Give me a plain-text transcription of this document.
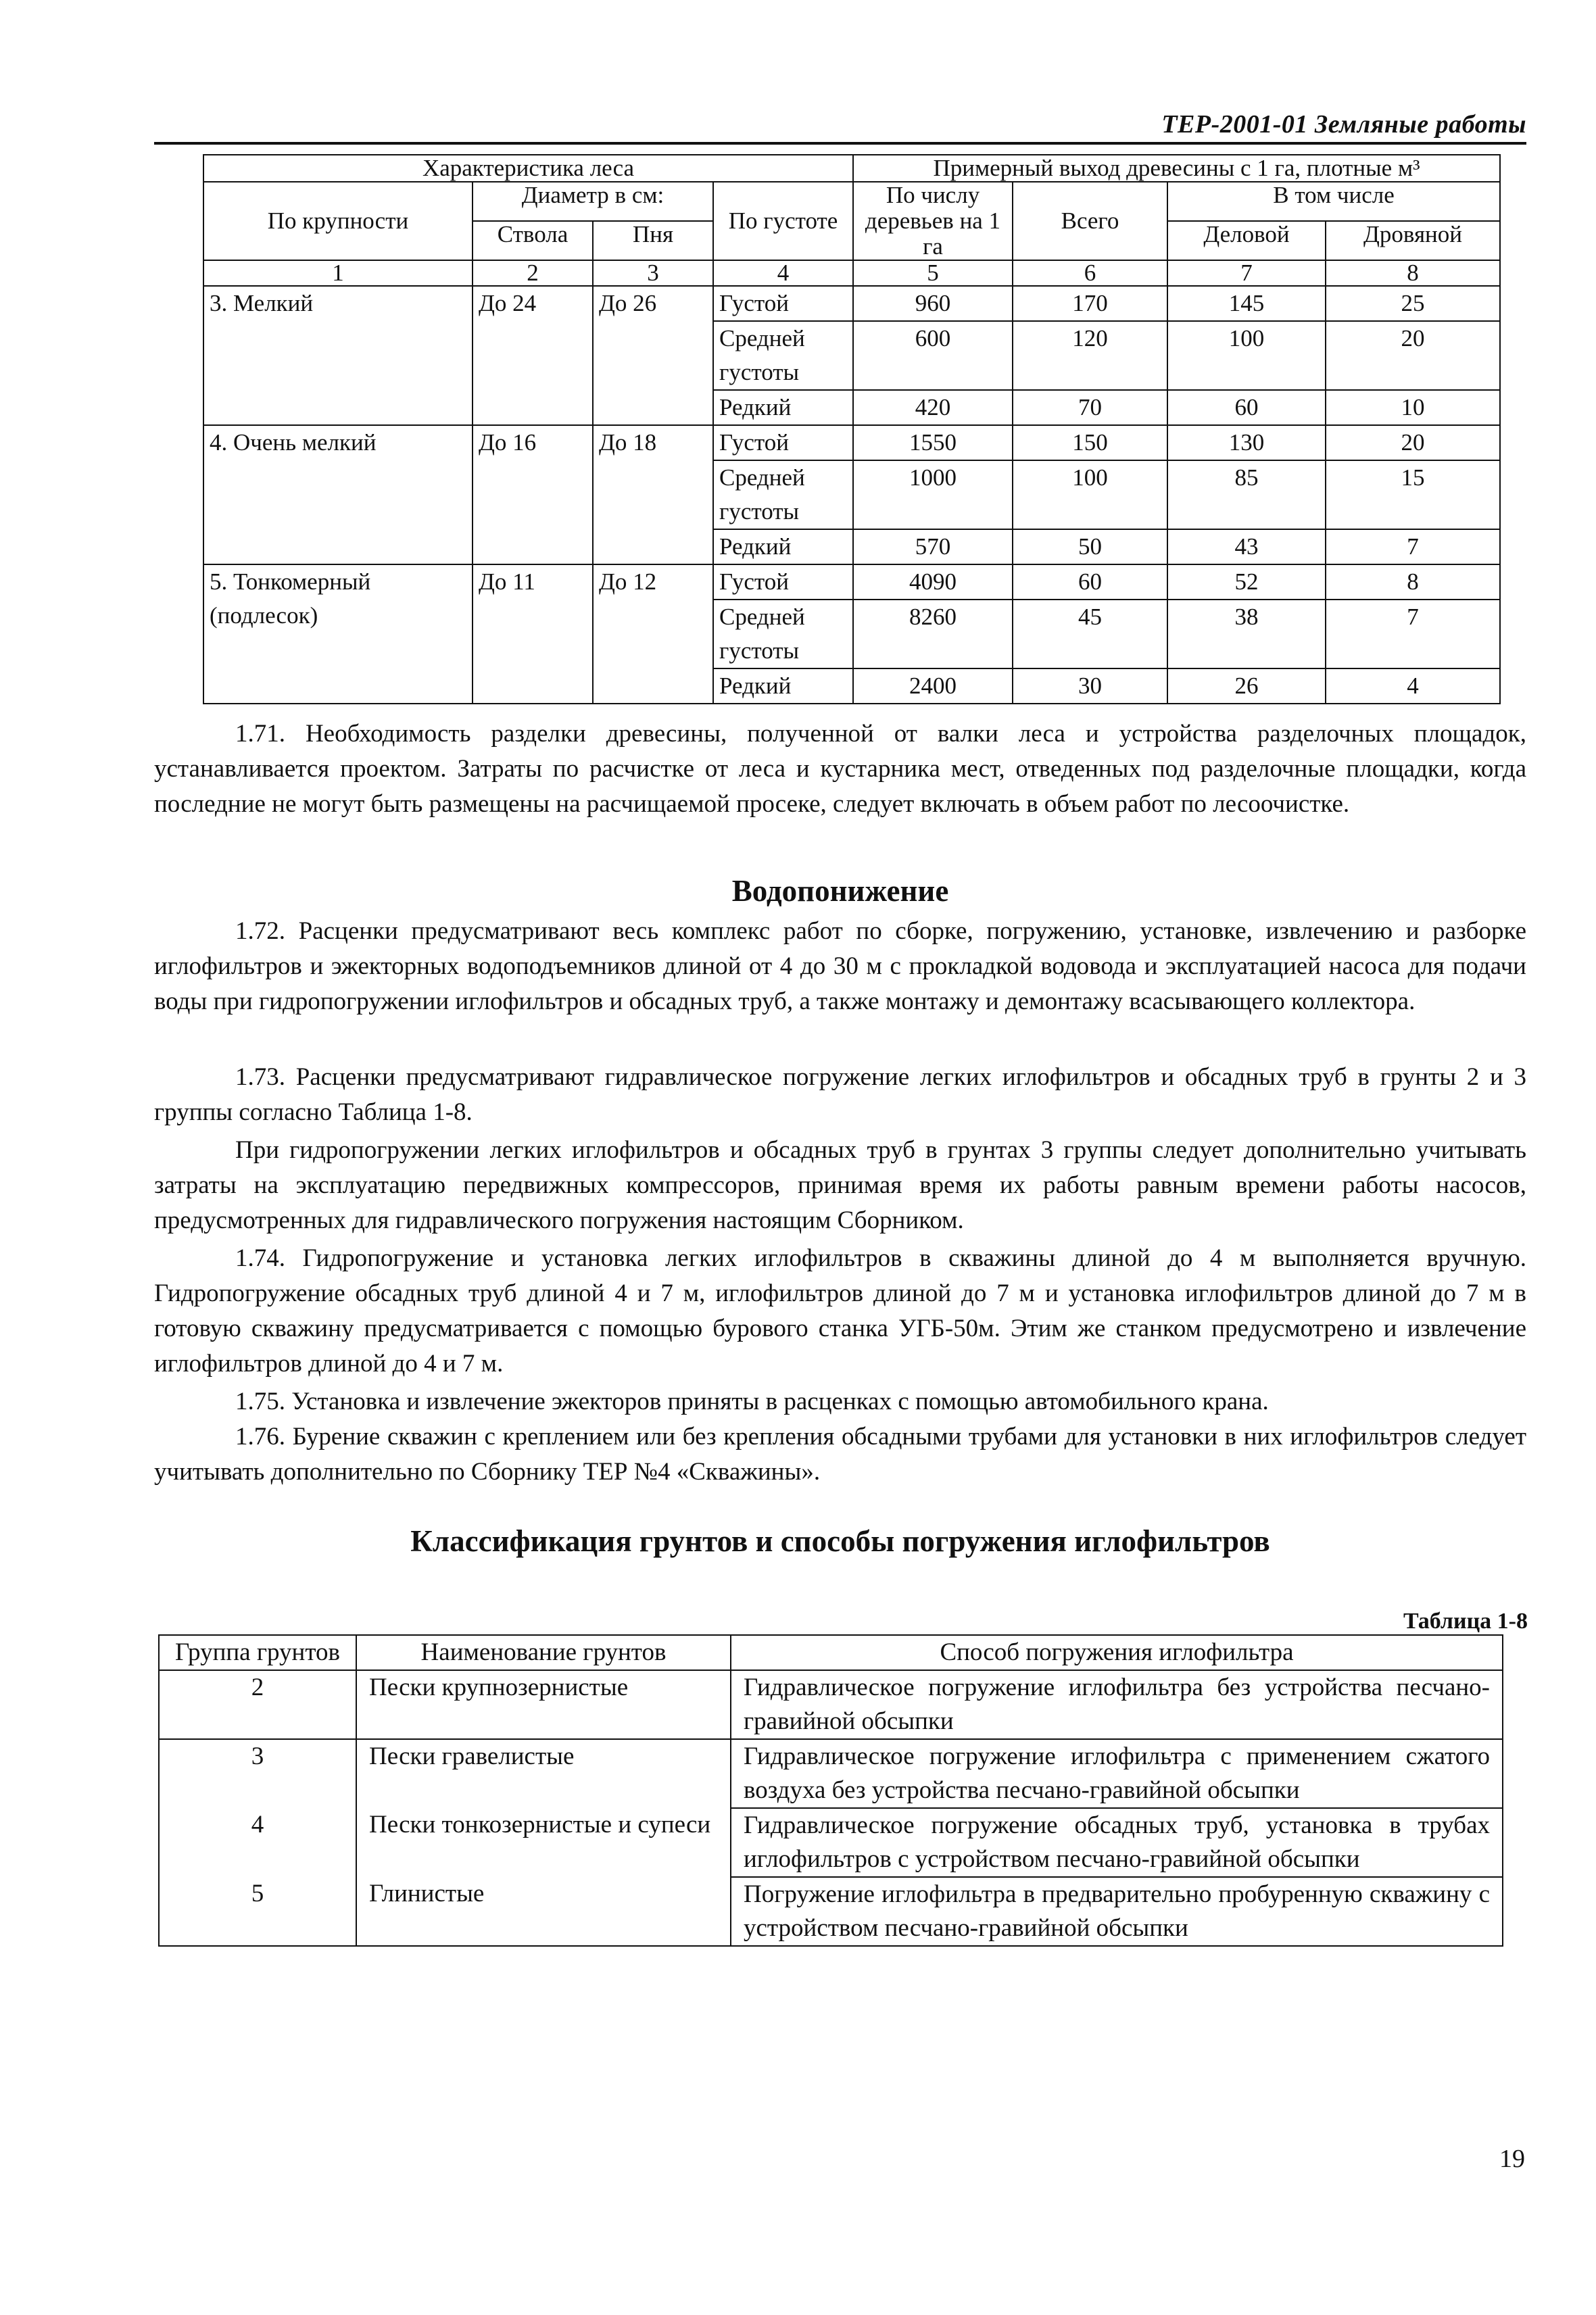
ТЕР-2001-01 Земляные работы
Характеристика леса				Примерный выход древесины с 1 га, плотные м³			
По крупности	Диаметр в см:		По густоте	По числу деревьев на 1 га	Всего	В том числе	
	Ствола	Пня				Деловой	Дровяной
1	2	3	4	5	6	7	8
3. Мелкий	До 24	До 26	Густой	960	170	145	25
			Средней густоты	600	120	100	20
			Редкий	420	70	60	10
4. Очень мелкий	До 16	До 18	Густой	1550	150	130	20
			Средней густоты	1000	100	85	15
			Редкий	570	50	43	7
5. Тонкомерный (подлесок)	До 11	До 12	Густой	4090	60	52	8
			Средней густоты	8260	45	38	7
			Редкий	2400	30	26	4

1.71. Необходимость разделки древесины, полученной от валки леса и устройства разделочных площадок, устанавливается проектом. Затраты по расчистке от леса и кустарника мест, отведенных под разделочные площадки, когда последние не могут быть размещены на расчищаемой просеке, следует включать в объем работ по лесоочистке.

Водопонижение

1.72. Расценки предусматривают весь комплекс работ по сборке, погружению, установке, извлечению и разборке иглофильтров и эжекторных водоподъемников длиной от 4 до 30 м с прокладкой водовода и эксплуатацией насоса для подачи воды при гидропогружении иглофильтров и обсадных труб, а также монтажу и демонтажу всасывающего коллектора.

1.73. Расценки предусматривают гидравлическое погружение легких иглофильтров и обсадных труб в грунты 2 и 3 группы согласно Таблица 1-8.

При гидропогружении легких иглофильтров и обсадных труб в грунтах 3 группы следует дополнительно учитывать затраты на эксплуатацию передвижных компрессоров, принимая время их работы равным времени работы насосов, предусмотренных для гидравлического погружения настоящим Сборником.

1.74. Гидропогружение и установка легких иглофильтров в скважины длиной до 4 м выполняется вручную. Гидропогружение обсадных труб длиной 4 и 7 м, иглофильтров длиной до 7 м и установка иглофильтров длиной до 7 м в готовую скважину предусматривается с помощью бурового станка УГБ-50м. Этим же станком предусмотрено и извлечение иглофильтров длиной до 4 и 7 м.

1.75. Установка и извлечение эжекторов приняты в расценках с помощью автомобильного крана.

1.76. Бурение скважин с креплением или без крепления обсадными трубами для установки в них иглофильтров следует учитывать дополнительно по Сборнику ТЕР №4 «Скважины».

Классификация грунтов и способы погружения иглофильтров
Таблица 1-8
Группа грунтов	Наименование грунтов	Способ погружения иглофильтра
2	Пески крупнозернистые	Гидравлическое погружение иглофильтра без устройства песчано-гравийной обсыпки
3	Пески гравелистые	Гидравлическое погружение иглофильтра с применением сжатого воздуха без устройства песчано-гравийной обсыпки
4	Пески тонкозернистые и супеси	Гидравлическое погружение обсадных труб, установка в трубах иглофильтров с устройством песчано-гравийной обсыпки
5	Глинистые	Погружение иглофильтра в предварительно пробуренную скважину с устройством песчано-гравийной обсыпки
19
